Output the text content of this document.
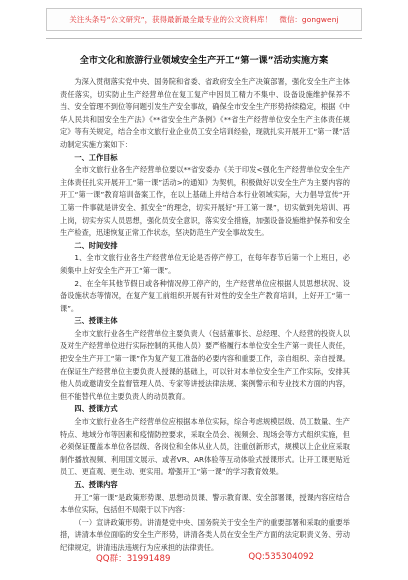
关注头条号“公文研究”，获得最新最全最专业的公文资料库！　微信：gongwenj
全市文化和旅游行业领域安全生产开工“第一课”活动实施方案
为深入贯彻落实党中央、国务院和省委、省政府安全生产决策部署，强化安全生产主体责任落实，切实防止生产经营单位在复工复产中因员工精力不集中、设备设施维护保养不当、安全管理不到位等问题引发生产安全事故，确保全市安全生产形势持续稳定，根据《中华人民共和国安全生产法》《**省安全生产条例》《**省生产经营单位安全生产主体责任规定》等有关规定，结合全市文旅行业企业员工安全培训经验，现就扎实开展开工“第一课”活动制定实施方案如下：
一、工作目标
全市文旅行业各生产经营单位要以**省安委办《关于印发<强化生产经营单位安全生产主体责任扎实开展开工“第一课”活动>的通知》为契机，积极做好以安全生产为主要内容的开工“第一课”教育培训备案工作，在以上基础上并结合本行业领域实际，大力倡导宣传“开工第一件事就是讲安全、抓安全”的理念，切实开展好“开工第一课”，切实做到先培训、再上岗，切实夯实人员思想，强化员安全意识，落实安全措施，加强设备设施维护保养和安全生产检查，迅速恢复正常工作状态，坚决防范生产安全事故发生。
二、时间安排
1、全市文旅行业各生产经营单位无论是否停产停工，在每年春节后第一个上班日，必须集中上好安全生产开工“第一课”。
2、在全年其他节假日或各种情况停工停产的，生产经营单位应根据人员思想状况、设备设施状态等情况，在复产复工前组织开展有针对性的安全生产教育培训，上好开工“第一课”。
三、授课主体
全市文旅行业各生产经营单位主要负责人（包括董事长、总经理、个人经营的投资人以及对生产经营单位进行实际控制的其他人员）要严格履行本单位安全生产第一责任人责任，把安全生产开工“第一课”作为复产复工准备的必要内容和重要工作，亲自组织、亲自授课。在保证生产经营单位主要负责人授课的基础上，可以针对本单位安全生产工作实际，安排其他人员或邀请安全监督管理人员、专家等讲授法律法规、案例警示和专业技术方面的内容，但不能替代单位主要负责人的动员教育。
四、授课方式
全市文旅行业各生产经营单位应根据本单位实际，综合考虑规模层级、员工数量、生产特点、地域分布等因素和疫情防控要求，采取全员会、视频会、现场会等方式组织实施，但必须保证覆盖本单位各层级、各岗位和全体从业人员，注重创新形式，规模以上企业应采取制作播放视频、利用国文展示、或者VR、AR体验等互动体验式授课形式。让开工课更贴近员工、更直观、更生动、更实用。增强开工“第一课”的学习教育效果。
五、授课内容
开工“第一课”是政策形势课、思想动员课、警示教育课、安全部署课，授课内容应结合本单位实际，包括但不局限于以下内容：
（一）宣讲政策形势。讲清楚党中央、国务院关于安全生产的重要部署和采取的重要举措，讲清本单位面临的安全生产形势，讲清各类人员在安全生产方面的法定职责义务、劳动纪律规定，讲清违法违规行为应承担的法律责任。
QQ群：31991489	QQ:535304092
